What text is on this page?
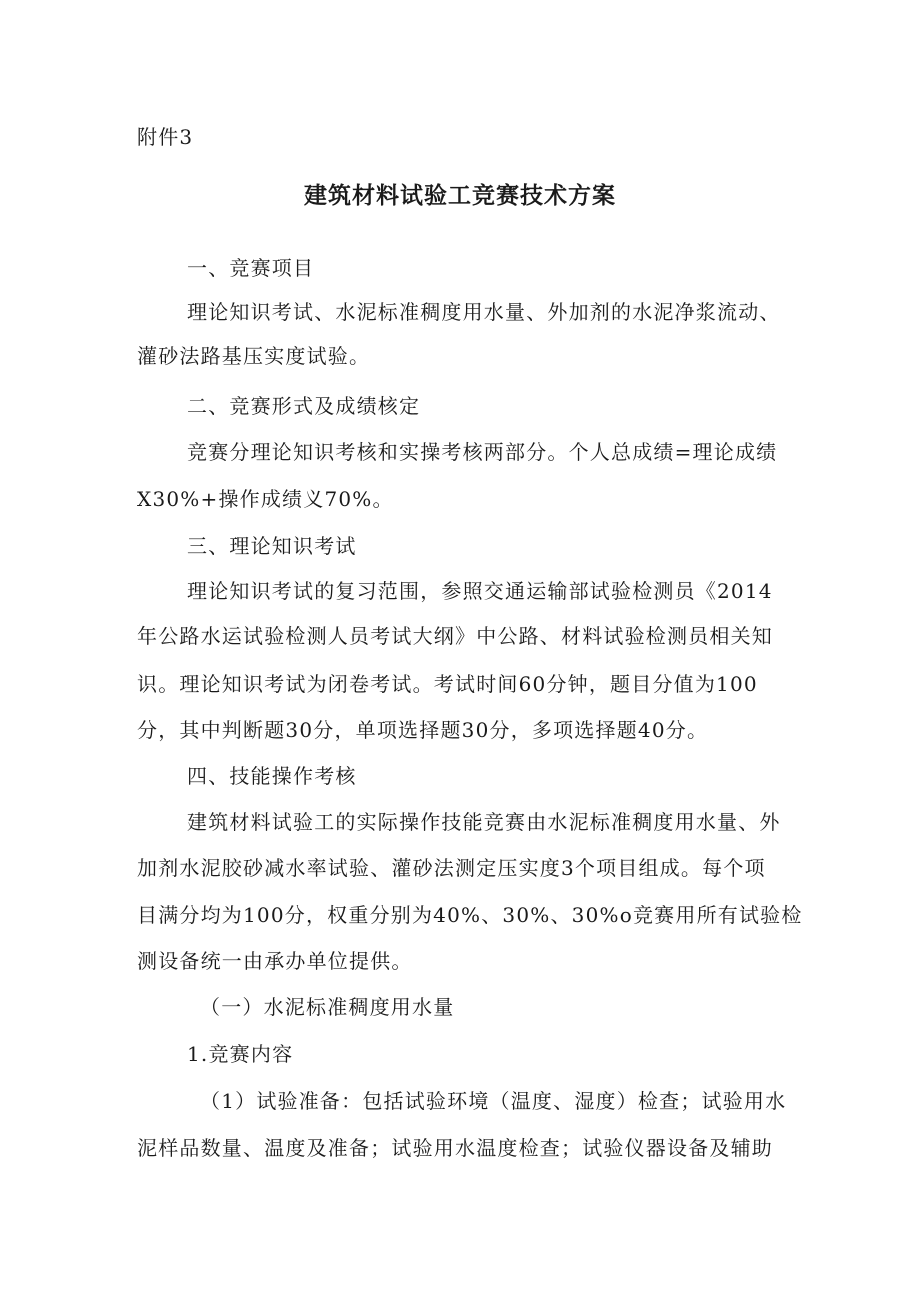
附件3
建筑材料试验工竞赛技术方案
一、竞赛项目
理论知识考试、水泥标准稠度用水量、外加剂的水泥净浆流动、
灌砂法路基压实度试验。
二、竞赛形式及成绩核定
竞赛分理论知识考核和实操考核两部分。个人总成绩=理论成绩
X30%+操作成绩义70%。
三、理论知识考试
理论知识考试的复习范围，参照交通运输部试验检测员《2014
年公路水运试验检测人员考试大纲》中公路、材料试验检测员相关知
识。理论知识考试为闭卷考试。考试时间60分钟，题目分值为100
分，其中判断题30分，单项选择题30分，多项选择题40分。
四、技能操作考核
建筑材料试验工的实际操作技能竞赛由水泥标准稠度用水量、外
加剂水泥胶砂减水率试验、灌砂法测定压实度3个项目组成。每个项
目满分均为100分，权重分别为40%、30%、30%o竞赛用所有试验检
测设备统一由承办单位提供。
（一）水泥标准稠度用水量
1.竞赛内容
（1）试验准备：包括试验环境（温度、湿度）检查；试验用水
泥样品数量、温度及准备；试验用水温度检查；试验仪器设备及辅助
